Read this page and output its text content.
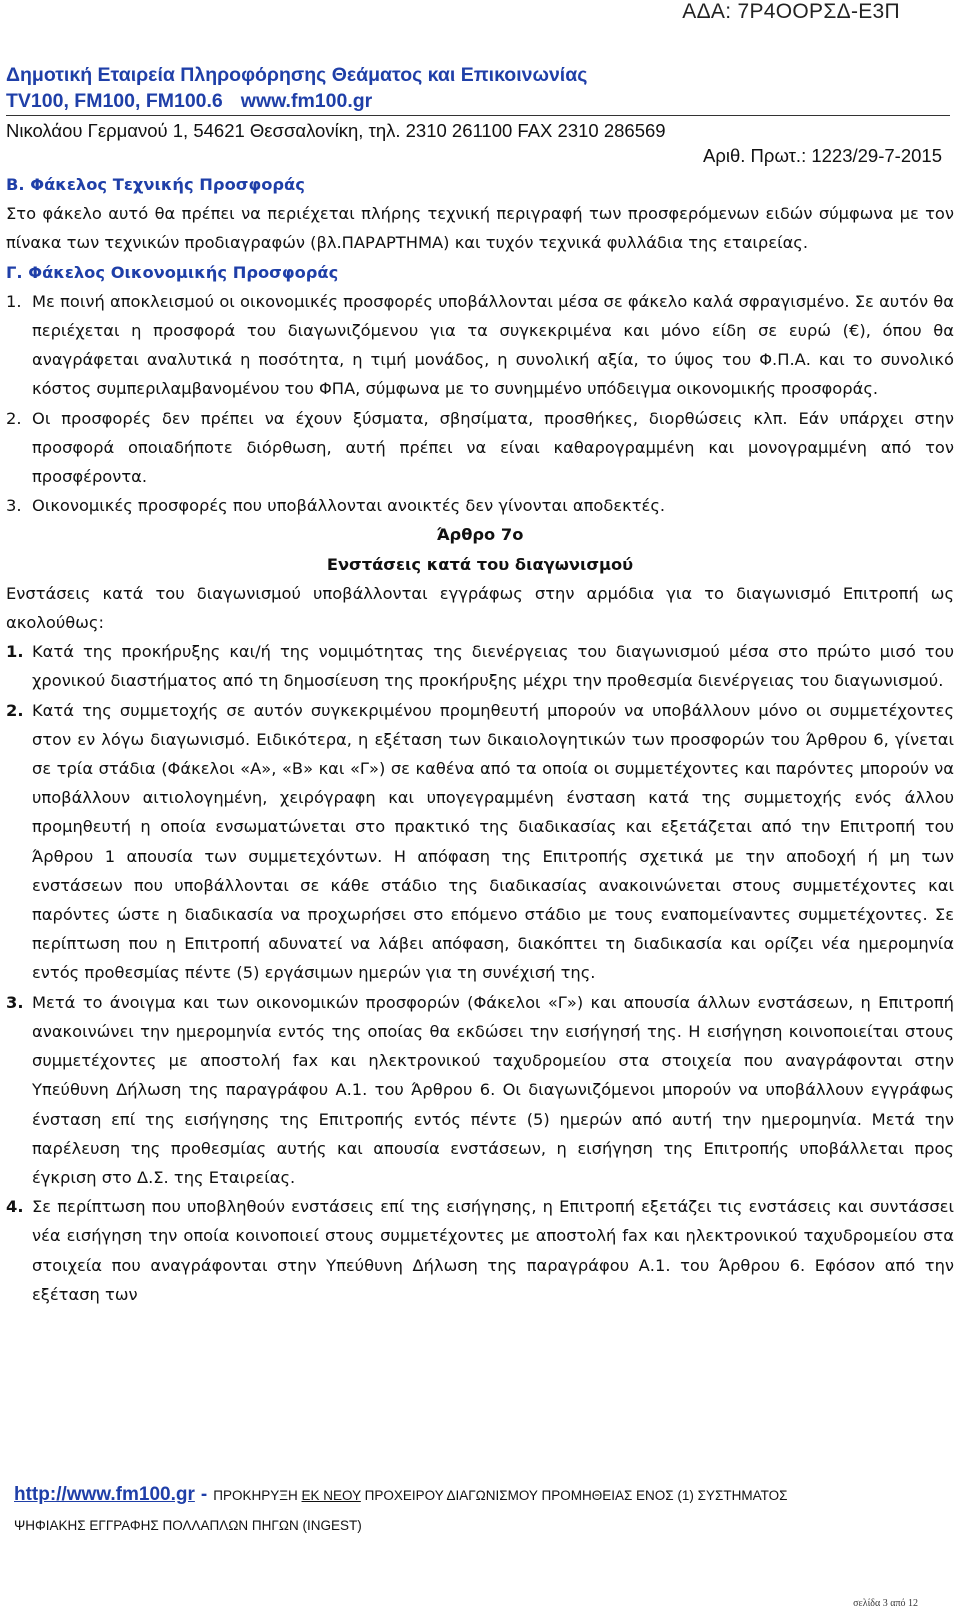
ΑΔΑ: 7Ρ4ΟΟΡΣΔ-Ε3Π
Δημοτική Εταιρεία Πληροφόρησης Θεάματος και Επικοινωνίας
TV100, FM100, FM100.6 www.fm100.gr
Νικολάου Γερμανού 1, 54621 Θεσσαλονίκη, τηλ. 2310 261100 FAX 2310 286569
Αριθ. Πρωτ.: 1223/29-7-2015

Β. Φάκελος Τεχνικής Προσφοράς

Στο φάκελο αυτό θα πρέπει να περιέχεται πλήρης τεχνική περιγραφή των προσφερόμενων ειδών σύμφωνα με τον πίνακα των τεχνικών προδιαγραφών (βλ.ΠΑΡΑΡΤΗΜΑ) και τυχόν τεχνικά φυλλάδια της εταιρείας.

Γ. Φάκελος Οικονομικής Προσφοράς

1. Με ποινή αποκλεισμού οι οικονομικές προσφορές υποβάλλονται μέσα σε φάκελο καλά σφραγισμένο. Σε αυτόν θα περιέχεται η προσφορά του διαγωνιζόμενου για τα συγκεκριμένα και μόνο είδη σε ευρώ (€), όπου θα αναγράφεται αναλυτικά η ποσότητα, η τιμή μονάδος, η συνολική αξία, το ύψος του Φ.Π.Α. και το συνολικό κόστος συμπεριλαμβανομένου του ΦΠΑ, σύμφωνα με το συνημμένο υπόδειγμα οικονομικής προσφοράς.
2. Οι προσφορές δεν πρέπει να έχουν ξύσματα, σβησίματα, προσθήκες, διορθώσεις κλπ. Εάν υπάρχει στην προσφορά οποιαδήποτε διόρθωση, αυτή πρέπει να είναι καθαρογραμμένη και μονογραμμένη από τον προσφέροντα.
3. Οικονομικές προσφορές που υποβάλλονται ανοικτές δεν γίνονται αποδεκτές.

Άρθρο 7ο

Ενστάσεις κατά του διαγωνισμού

Ενστάσεις κατά του διαγωνισμού υποβάλλονται εγγράφως στην αρμόδια για το διαγωνισμό Επιτροπή ως ακολούθως:

1. Κατά της προκήρυξης και/ή της νομιμότητας της διενέργειας του διαγωνισμού μέσα στο πρώτο μισό του χρονικού διαστήματος από τη δημοσίευση της προκήρυξης μέχρι την προθεσμία διενέργειας του διαγωνισμού.
2. Κατά της συμμετοχής σε αυτόν συγκεκριμένου προμηθευτή μπορούν να υποβάλλουν μόνο οι συμμετέχοντες στον εν λόγω διαγωνισμό. Ειδικότερα, η εξέταση των δικαιολογητικών των προσφορών του Άρθρου 6, γίνεται σε τρία στάδια (Φάκελοι «Α», «Β» και «Γ») σε καθένα από τα οποία οι συμμετέχοντες και παρόντες μπορούν να υποβάλλουν αιτιολογημένη, χειρόγραφη και υπογεγραμμένη ένσταση κατά της συμμετοχής ενός άλλου προμηθευτή η οποία ενσωματώνεται στο πρακτικό της διαδικασίας και εξετάζεται από την Επιτροπή του Άρθρου 1 απουσία των συμμετεχόντων. Η απόφαση της Επιτροπής σχετικά με την αποδοχή ή μη των ενστάσεων που υποβάλλονται σε κάθε στάδιο της διαδικασίας ανακοινώνεται στους συμμετέχοντες και παρόντες ώστε η διαδικασία να προχωρήσει στο επόμενο στάδιο με τους εναπομείναντες συμμετέχοντες. Σε περίπτωση που η Επιτροπή αδυνατεί να λάβει απόφαση, διακόπτει τη διαδικασία και ορίζει νέα ημερομηνία εντός προθεσμίας πέντε (5) εργάσιμων ημερών για τη συνέχισή της.
3. Μετά το άνοιγμα και των οικονομικών προσφορών (Φάκελοι «Γ») και απουσία άλλων ενστάσεων, η Επιτροπή ανακοινώνει την ημερομηνία εντός της οποίας θα εκδώσει την εισήγησή της. Η εισήγηση κοινοποιείται στους συμμετέχοντες με αποστολή fax και ηλεκτρονικού ταχυδρομείου στα στοιχεία που αναγράφονται στην Υπεύθυνη Δήλωση της παραγράφου Α.1. του Άρθρου 6. Οι διαγωνιζόμενοι μπορούν να υποβάλλουν εγγράφως ένσταση επί της εισήγησης της Επιτροπής εντός πέντε (5) ημερών από αυτή την ημερομηνία. Μετά την παρέλευση της προθεσμίας αυτής και απουσία ενστάσεων, η εισήγηση της Επιτροπής υποβάλλεται προς έγκριση στο Δ.Σ. της Εταιρείας.
4. Σε περίπτωση που υποβληθούν ενστάσεις επί της εισήγησης, η Επιτροπή εξετάζει τις ενστάσεις και συντάσσει νέα εισήγηση την οποία κοινοποιεί στους συμμετέχοντες με αποστολή fax και ηλεκτρονικού ταχυδρομείου στα στοιχεία που αναγράφονται στην Υπεύθυνη Δήλωση της παραγράφου Α.1. του Άρθρου 6. Εφόσον από την εξέταση των
http://www.fm100.gr - ΠΡΟΚΗΡΥΞΗ ΕΚ ΝΕΟΥ ΠΡΟΧΕΙΡΟΥ ΔΙΑΓΩΝΙΣΜΟΥ ΠΡΟΜΗΘΕΙΑΣ ΕΝΟΣ (1) ΣΥΣΤΗΜΑΤΟΣ
ΨΗΦΙΑΚΗΣ ΕΓΓΡΑΦΗΣ ΠΟΛΛΑΠΛΩΝ ΠΗΓΩΝ (INGEST)
σελίδα 3 από 12
